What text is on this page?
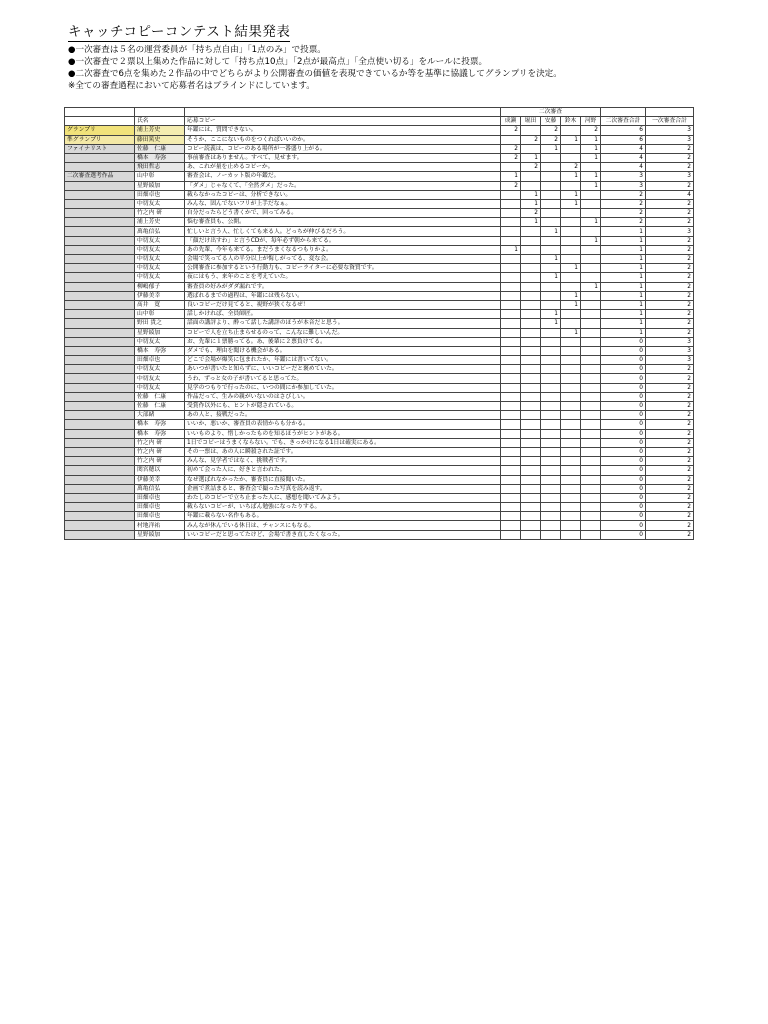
キャッチコピーコンテスト結果発表
●一次審査は５名の運営委員が「持ち点自由」「1点のみ」で投票。
●一次審査で２票以上集めた作品に対して「持ち点10点」「2点が最高点」「全点使い切る」をルールに投票。
●二次審査で6点を集めた２作品の中でどちらがより公開審査の価値を表現できているか等を基準に協議してグランプリを決定。
※全ての審査過程において応募者名はブラインドにしています。
			二次審査						
	氏名	応募コピー	成瀬	堀田	安藤	鈴木	河野	二次審査合計	一次審査合計
グランプリ	浦上芳史	年鑑には、質問できない。	2		2		2	6	3
準グランプリ	藤田篤史	そうか、ここにないものをつくればいいのか。		2	2	1	1	6	3
ファイナリスト	佐藤　仁康	コピー読義は、コピーのある場所が一番盛り上がる。	2		1		1	4	2
	橋本　寿弥	事前審査はありません。すべて、見せます。	2	1			1	4	2
	飛田哲志	あ、これが量を止めるコピーか。		2		2		4	2
二次審査選考作品	山中彰	審査会は、ノーカット版の年鑑だ。	1			1	1	3	3
	星野綾加	「ダメ」じゃなくて、「全然ダメ」だった。	2				1	3	2
	田畑卓也	載らなかったコピーは、分析できない。		1		1		2	4
	中切友太	みんな、固んでないフリが上手だなぁ。		1		1		2	2
	竹之内 研	自分だったらどう書くかで、回ってみる。		2				2	2
	浦上芳史	悩む審査員も、公開。		1			1	2	2
	萬亀信弘	忙しいと言う人、忙しくても来る人。どっちが伸びるだろう。			1			1	3
	中切友太	「顔だけ出すわ」と言うCDが、毎年必ず朝から来てる。					1	1	2
	中切友太	あの先輩、今年も来てる。まだうまくなるつもりかよ。	1					1	2
	中切友太	会場で笑ってる人の半分以上が悔しがってる、変な会。			1			1	2
	中切友太	公開審査に参加するという行動力も、コピーライターに必要な資質です。				1		1	2
	中切友太	夜にはもう、来年のことを考えていた。			1			1	2
	柳嶋郁子	審査員の好みがダダ漏れです。					1	1	2
	伊藤美幸	選ばれるまでの過程は、年鑑には残らない。				1		1	2
	髙井　寛	良いコピーだけ見てると、視野が狭くなるぜ！				1		1	2
	山中彰	話しかければ、全員師匠。			1			1	2
	野田 貴之	話面の講評より、酔って話した講評のほうが本音だと思う。			1			1	2
	星野綾加	コピーで人を立ち止まらせるのって、こんなに難しいんだ。				1		1	2
	中切友太	お、先輩に１票勝ってる。あ、後輩に２票負けてる。						0	3
	橋本　寿弥	ダメでも、理由を聞ける機会がある。						0	3
	田畑卓也	どこで会場が爆笑に包まれたか、年鑑には書いてない。						0	3
	中切友太	あいつが書いたと知らずに、いいコピーだと褒めていた。						0	2
	中切友太	うわ、ずっと女の子が書いてると思ってた。						0	2
	中切友太	見学のつもりで行ったのに、いつの間にか参加していた。						0	2
	佐藤　仁康	作品だって、生みの親がいないのはさびしい。						0	2
	佐藤　仁康	受賞作以外にも、ヒントが隠されている。						0	2
	大部緒	あの人と、接戦だった。						0	2
	橋本　寿弥	いいか、悪いか、審査員の表情からも分かる。						0	2
	橋本　寿弥	いいものより、惜しかったものを知るほうがヒントがある。						0	2
	竹之内 研	1日でコピーはうまくならない。でも、きっかけになる1日は確実にある。						0	2
	竹之内 研	その一票は、あの人に瞬殺された証です。						0	2
	竹之内 研	みんな、見学者ではなく、挑戦者です。						0	2
	関宮穂以	初めて会った人に、好きと言われた。						0	2
	伊藤美幸	なぜ選ばれなかったか、審査員に直接聞いた。						0	2
	萬亀信弘	企画で煮詰まると、審査会で撮った写真を読み返す。						0	2
	田畑卓也	わたしのコピーで立ち止まった人に、感想を聞いてみよう。						0	2
	田畑卓也	載らないコピーが、いちばん勉強になったりする。						0	2
	田畑卓也	年鑑に載らない名作もある。						0	2
	村地洋祐	みんなが休んでいる休日は、チャンスにもなる。						0	2
	星野綾加	いいコピーだと思ってたけど、会場で書き直したくなった。						0	2
